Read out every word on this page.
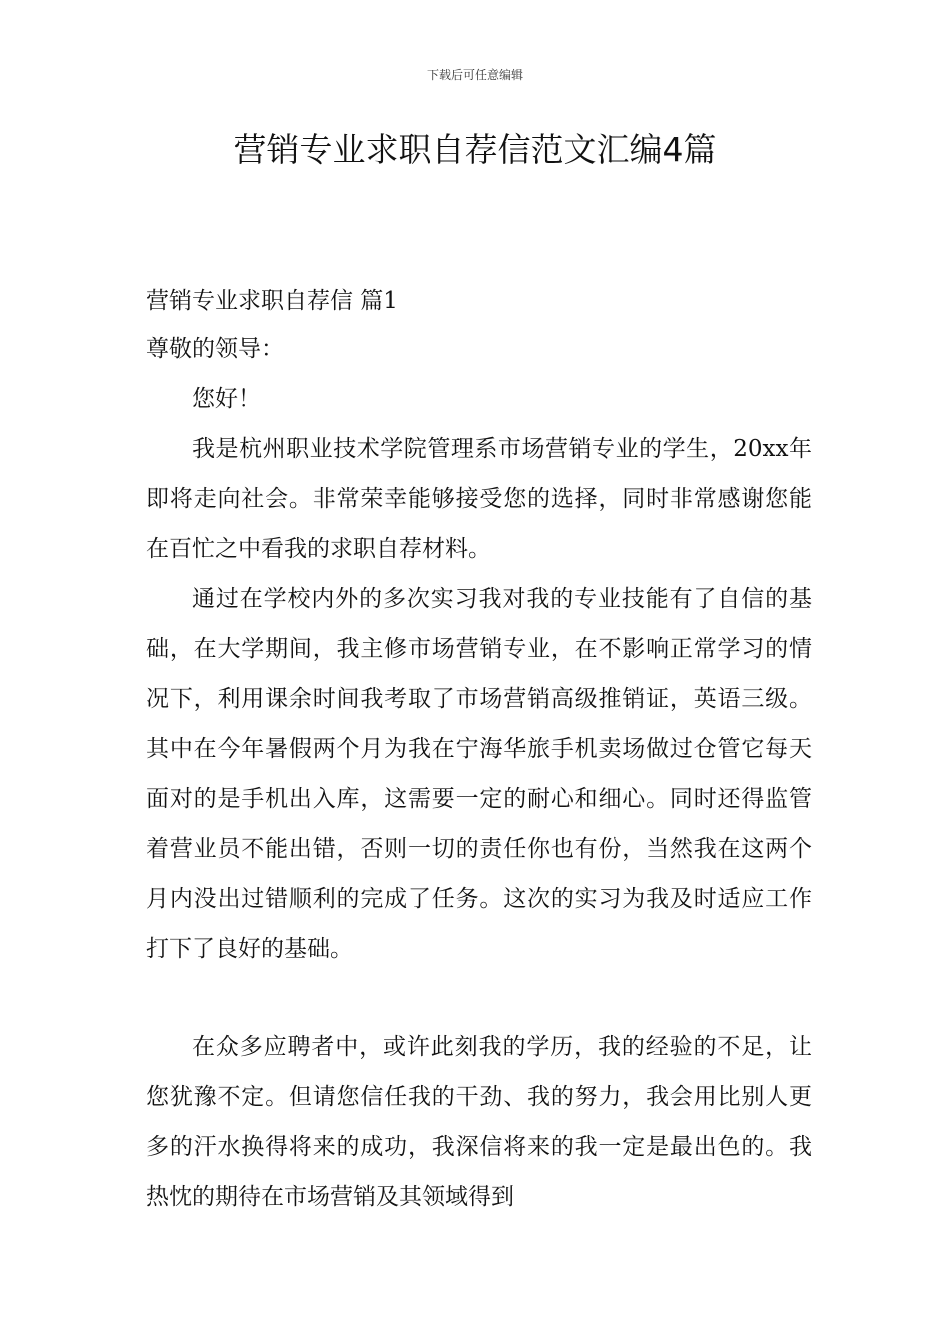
下载后可任意编辑
营销专业求职自荐信范文汇编4篇
营销专业求职自荐信 篇1
尊敬的领导：
您好！

我是杭州职业技术学院管理系市场营销专业的学生，20xx年即将走向社会。非常荣幸能够接受您的选择，同时非常感谢您能在百忙之中看我的求职自荐材料。

通过在学校内外的多次实习我对我的专业技能有了自信的基础，在大学期间，我主修市场营销专业，在不影响正常学习的情况下，利用课余时间我考取了市场营销高级推销证，英语三级。其中在今年暑假两个月为我在宁海华旅手机卖场做过仓管它每天面对的是手机出入库，这需要一定的耐心和细心。同时还得监管着营业员不能出错，否则一切的责任你也有份，当然我在这两个月内没出过错顺利的完成了任务。这次的实习为我及时适应工作打下了良好的基础。

在众多应聘者中，或许此刻我的学历，我的经验的不足，让您犹豫不定。但请您信任我的干劲、我的努力，我会用比别人更多的汗水换得将来的成功，我深信将来的我一定是最出色的。我热忱的期待在市场营销及其领域得到
